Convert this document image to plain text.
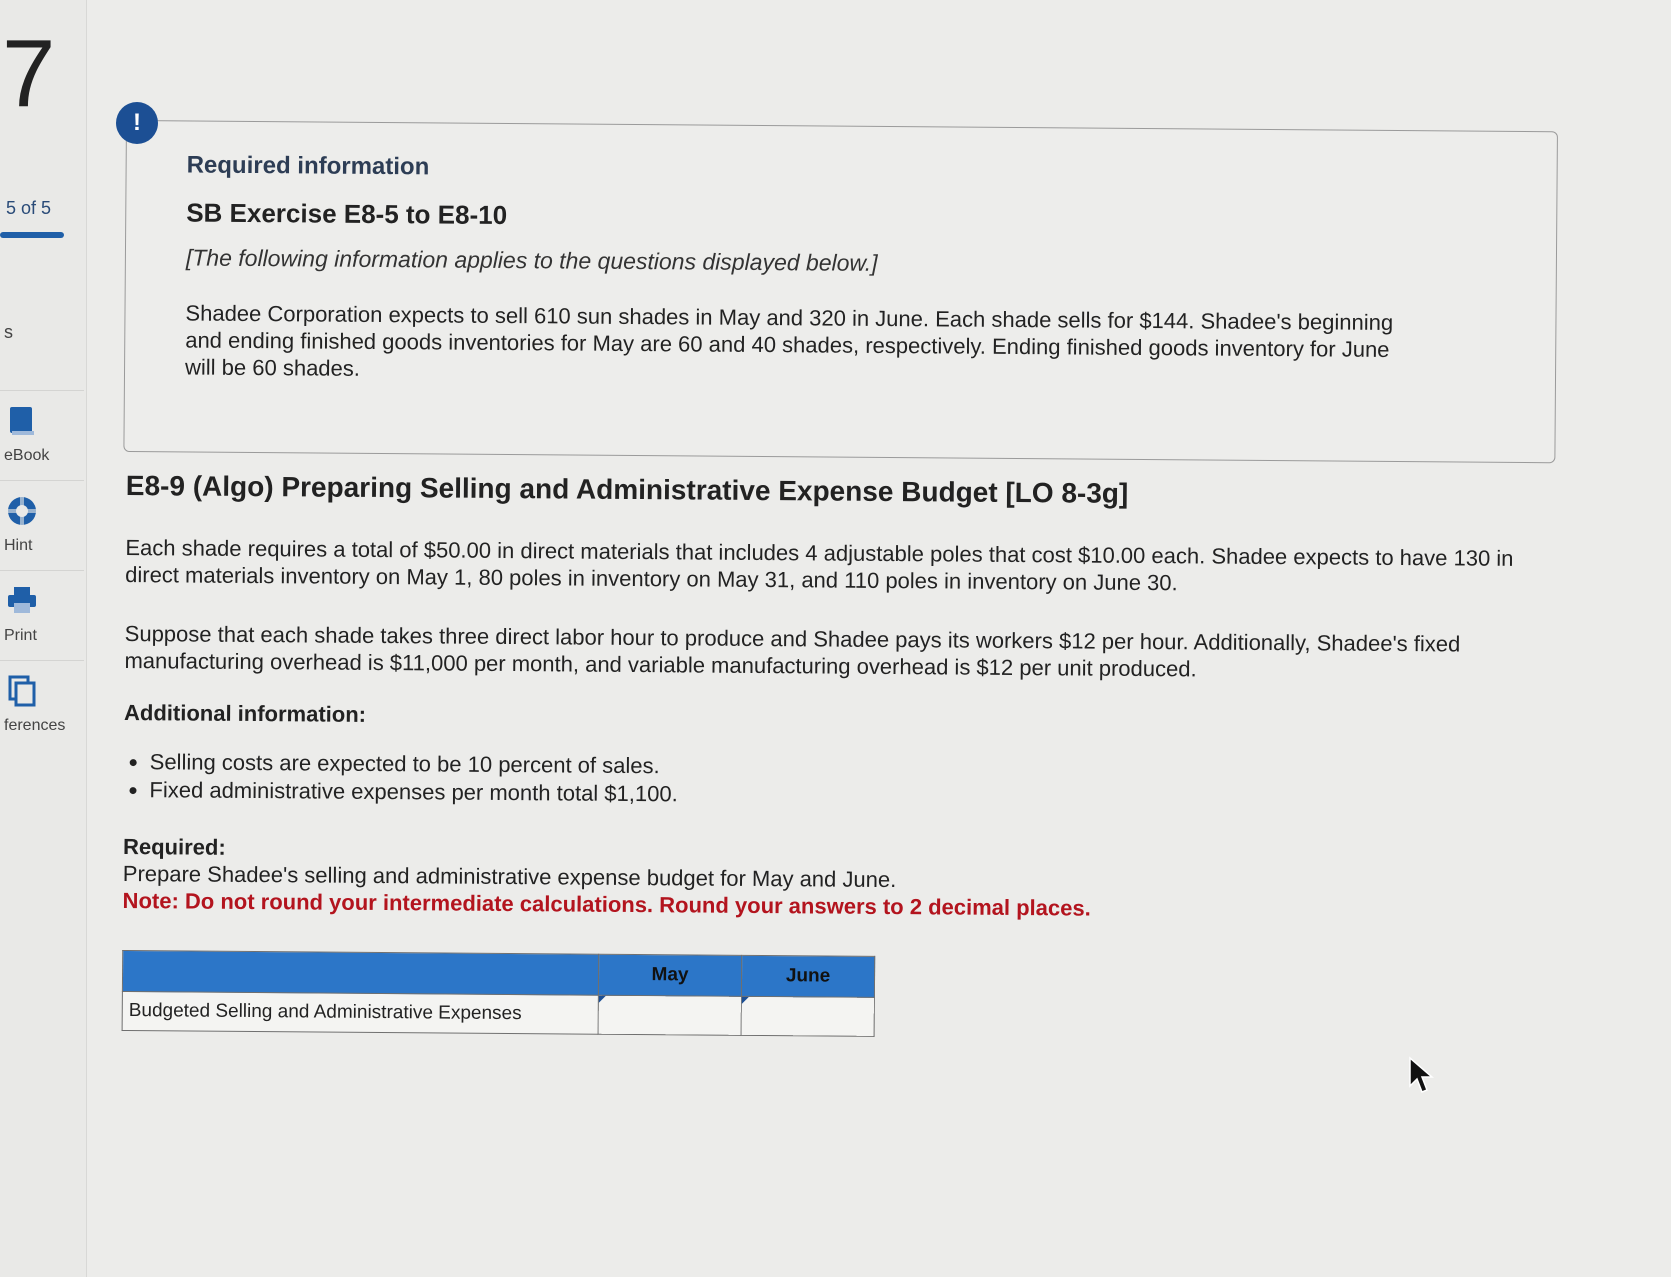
7
5 of 5
s
eBook
Hint
Print
ferences
Required information
SB Exercise E8-5 to E8-10
[The following information applies to the questions displayed below.]
Shadee Corporation expects to sell 610 sun shades in May and 320 in June. Each shade sells for $144. Shadee's beginning and ending finished goods inventories for May are 60 and 40 shades, respectively. Ending finished goods inventory for June will be 60 shades.
!
E8-9 (Algo) Preparing Selling and Administrative Expense Budget [LO 8-3g]
Each shade requires a total of $50.00 in direct materials that includes 4 adjustable poles that cost $10.00 each. Shadee expects to have 130 in direct materials inventory on May 1, 80 poles in inventory on May 31, and 110 poles in inventory on June 30.
Suppose that each shade takes three direct labor hour to produce and Shadee pays its workers $12 per hour. Additionally, Shadee's fixed manufacturing overhead is $11,000 per month, and variable manufacturing overhead is $12 per unit produced.
Additional information:
• Selling costs are expected to be 10 percent of sales.
• Fixed administrative expenses per month total $1,100.
Required:
Prepare Shadee's selling and administrative expense budget for May and June.
Note: Do not round your intermediate calculations. Round your answers to 2 decimal places.
	May	June
Budgeted Selling and Administrative Expenses	
